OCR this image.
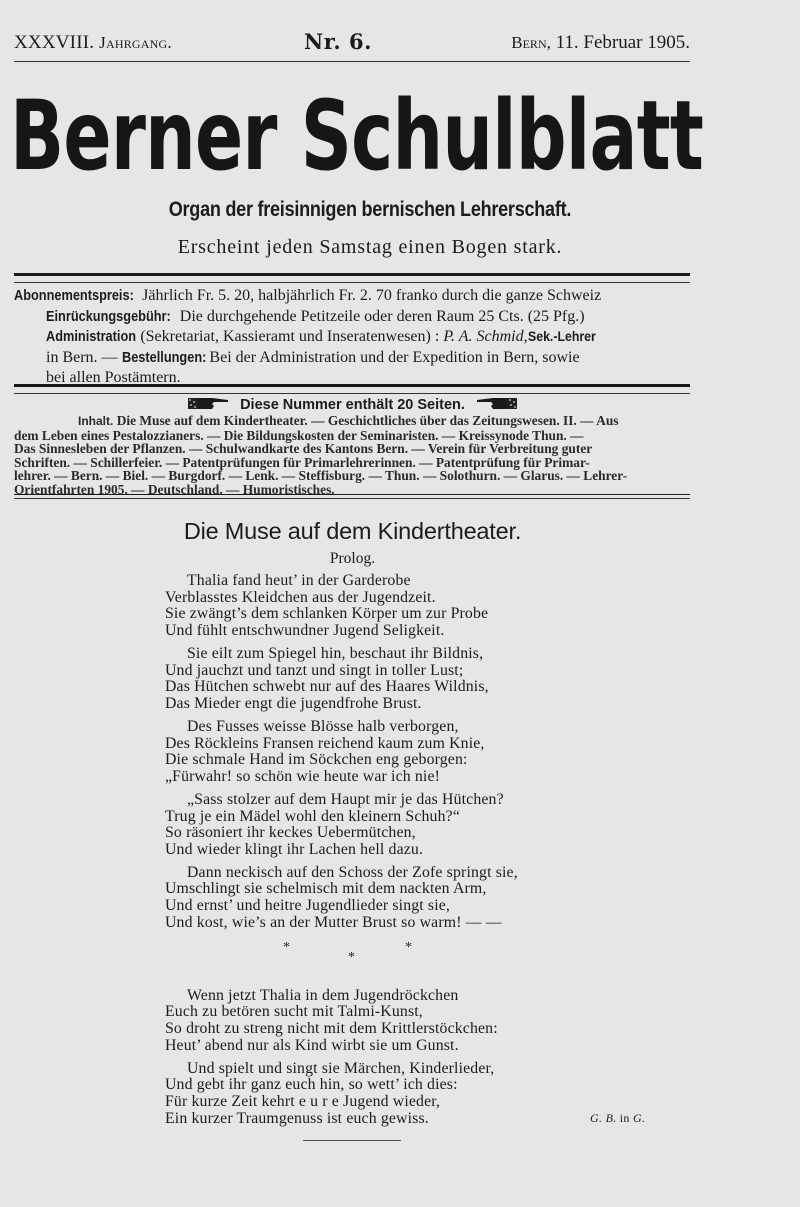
XXXVIII. Jahrgang.	Nr. 6.	Bern, 11. Februar 1905.
Berner Schulblatt
Organ der freisinnigen bernischen Lehrerschaft.
Erscheint jeden Samstag einen Bogen stark.
Abonnementspreis: Jährlich Fr. 5. 20, halbjährlich Fr. 2. 70 franko durch die ganze Schweiz
Einrückungsgebühr: Die durchgehende Petitzeile oder deren Raum 25 Cts. (25 Pfg.)
Administration (Sekretariat, Kassieramt und Inseratenwesen) : P. A. Schmid,Sek.-Lehrer
in Bern. — Bestellungen: Bei der Administration und der Expedition in Bern, sowie
bei allen Postämtern.
Diese Nummer enthält 20 Seiten.
Inhalt. Die Muse auf dem Kindertheater. — Geschichtliches über das Zeitungswesen. II. — Aus
dem Leben eines Pestalozzianers. — Die Bildungskosten der Seminaristen. — Kreissynode Thun. —
Das Sinnesleben der Pflanzen. — Schulwandkarte des Kantons Bern. — Verein für Verbreitung guter
Schriften. — Schillerfeier. — Patentprüfungen für Primarlehrerinnen. — Patentprüfung für Primar-
lehrer. — Bern. — Biel. — Burgdorf. — Lenk. — Steffisburg. — Thun. — Solothurn. — Glarus. — Lehrer-
Orientfahrten 1905. — Deutschland. — Humoristisches.
Die Muse auf dem Kindertheater.
Prolog.
Thalia fand heut’ in der Garderobe
Verblasstes Kleidchen aus der Jugendzeit.
Sie zwängt’s dem schlanken Körper um zur Probe
Und fühlt entschwundner Jugend Seligkeit.
Sie eilt zum Spiegel hin, beschaut ihr Bildnis,
Und jauchzt und tanzt und singt in toller Lust;
Das Hütchen schwebt nur auf des Haares Wildnis,
Das Mieder engt die jugendfrohe Brust.
Des Fusses weisse Blösse halb verborgen,
Des Röckleins Fransen reichend kaum zum Knie,
Die schmale Hand im Söckchen eng geborgen:
„Fürwahr! so schön wie heute war ich nie!
„Sass stolzer auf dem Haupt mir je das Hütchen?
Trug je ein Mädel wohl den kleinern Schuh?“
So räsoniert ihr keckes Uebermütchen,
Und wieder klingt ihr Lachen hell dazu.
Dann neckisch auf den Schoss der Zofe springt sie,
Umschlingt sie schelmisch mit dem nackten Arm,
Und ernst’ und heitre Jugendlieder singt sie,
Und kost, wie’s an der Mutter Brust so warm! — —
*	*
*
Wenn jetzt Thalia in dem Jugendröckchen
Euch zu betören sucht mit Talmi-Kunst,
So droht zu streng nicht mit dem Krittlerstöckchen:
Heut’ abend nur als Kind wirbt sie um Gunst.
Und spielt und singt sie Märchen, Kinderlieder,
Und gebt ihr ganz euch hin, so wett’ ich dies:
Für kurze Zeit kehrt e u r e Jugend wieder,
Ein kurzer Traumgenuss ist euch gewiss.	G. B. in G.
